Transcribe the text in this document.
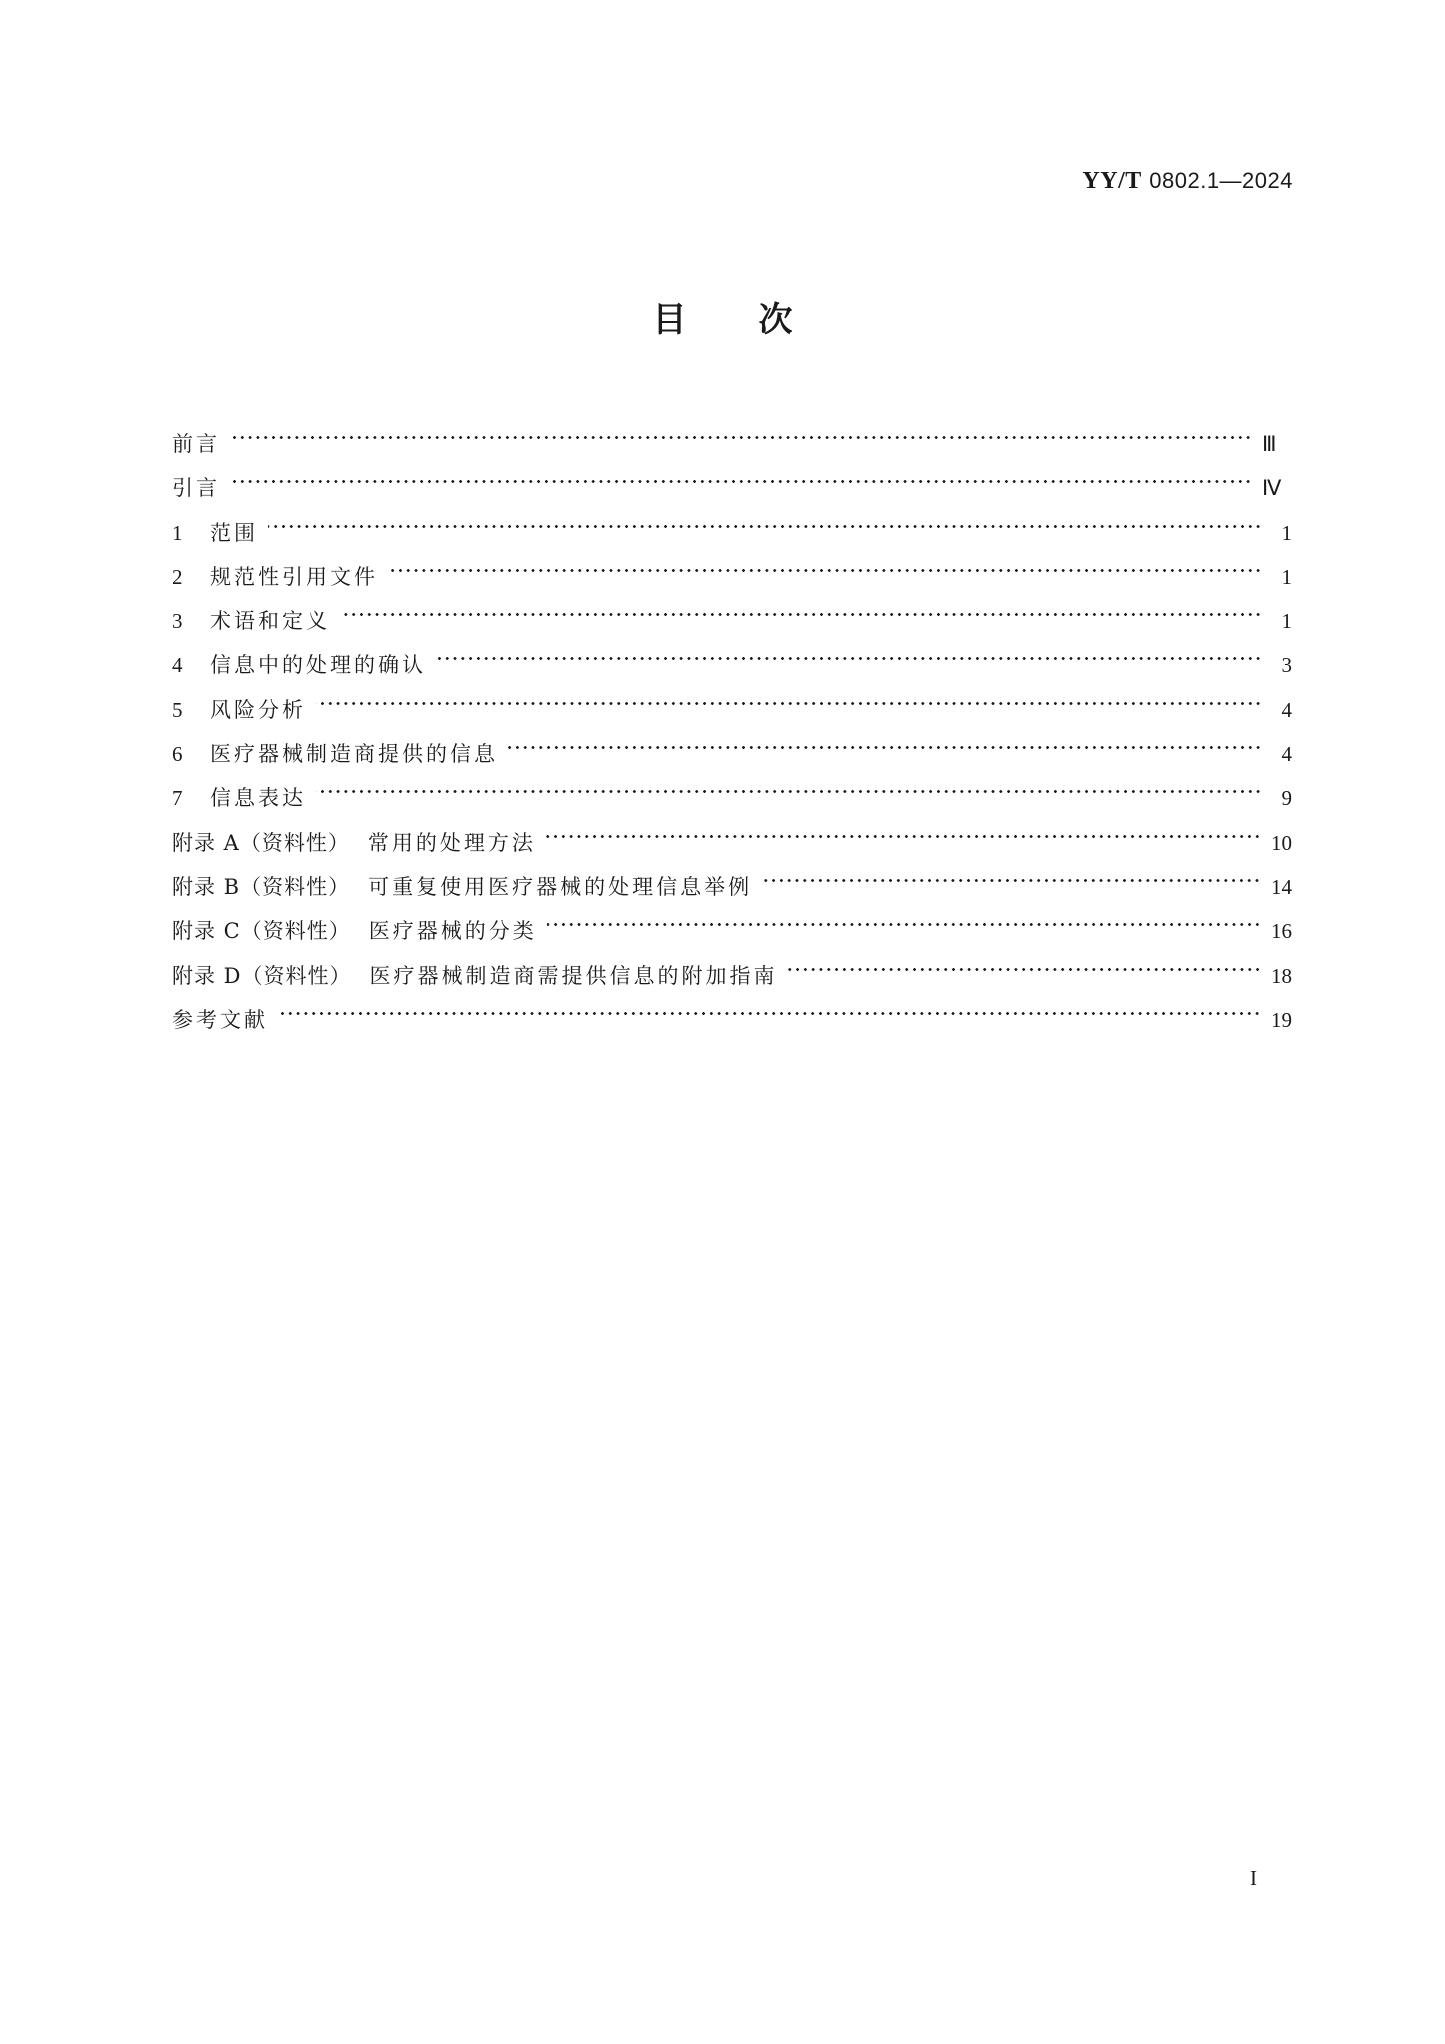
YY/T 0802.1—2024
目 次
前言	Ⅲ
引言	Ⅳ
1	范围	1
2	规范性引用文件	1
3	术语和定义	1
4	信息中的处理的确认	3
5	风险分析	4
6	医疗器械制造商提供的信息	4
7	信息表达	9
附录 A（资料性） 常用的处理方法	10
附录 B（资料性） 可重复使用医疗器械的处理信息举例	14
附录 C（资料性） 医疗器械的分类	16
附录 D（资料性） 医疗器械制造商需提供信息的附加指南	18
参考文献	19
I
